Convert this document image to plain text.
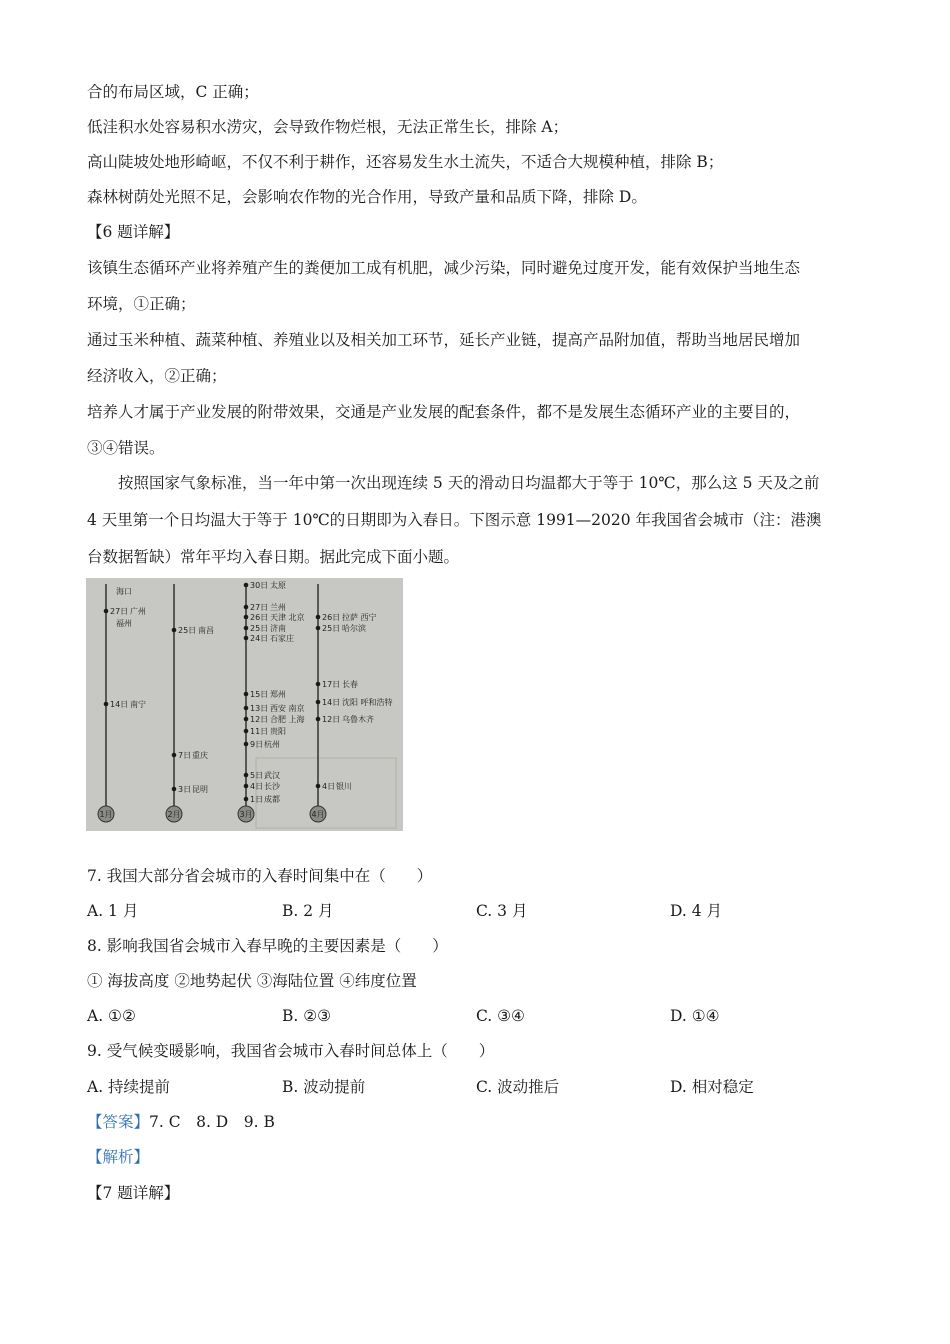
合的布局区域，C 正确；
低洼积水处容易积水涝灾，会导致作物烂根，无法正常生长，排除 A；
高山陡坡处地形崎岖，不仅不利于耕作，还容易发生水土流失，不适合大规模种植，排除 B；
森林树荫处光照不足，会影响农作物的光合作用，导致产量和品质下降，排除 D。
【6 题详解】
该镇生态循环产业将养殖产生的粪便加工成有机肥，减少污染，同时避免过度开发，能有效保护当地生态
环境，①正确；
通过玉米种植、蔬菜种植、养殖业以及相关加工环节，延长产业链，提高产品附加值，帮助当地居民增加
经济收入，②正确；
培养人才属于产业发展的附带效果，交通是产业发展的配套条件，都不是发展生态循环产业的主要目的，
③④错误。
　　按照国家气象标准，当一年中第一次出现连续 5 天的滑动日均温都大于等于 10℃，那么这 5 天及之前
4 天里第一个日均温大于等于 10℃的日期即为入春日。下图示意 1991—2020 年我国省会城市（注：港澳
台数据暂缺）常年平均入春日期。据此完成下面小题。
1月	2月	3月	4月
海口
27日 广州
福州
14日 南宁
25日 南昌
7日 重庆
3日 昆明
30日 太原
27日 兰州
26日 天津 北京
25日 济南
24日 石家庄
15日 郑州
13日 西安 南京
12日 合肥 上海
11日 贵阳
9日 杭州
5日 武汉
4日 长沙
1日 成都
26日 拉萨 西宁
25日 哈尔滨
17日 长春
14日 沈阳 呼和浩特
12日 乌鲁木齐
4日 银川
7. 我国大部分省会城市的入春时间集中在（　　）
A. 1 月	B. 2 月	C. 3 月	D. 4 月
8. 影响我国省会城市入春早晚的主要因素是（　　）
① 海拔高度 ②地势起伏 ③海陆位置 ④纬度位置
A. ①②	B. ②③	C. ③④	D. ①④
9. 受气候变暖影响，我国省会城市入春时间总体上（　　）
A. 持续提前	B. 波动提前	C. 波动推后	D. 相对稳定
【答案】7. C　8. D　9. B
【解析】
【7 题详解】
